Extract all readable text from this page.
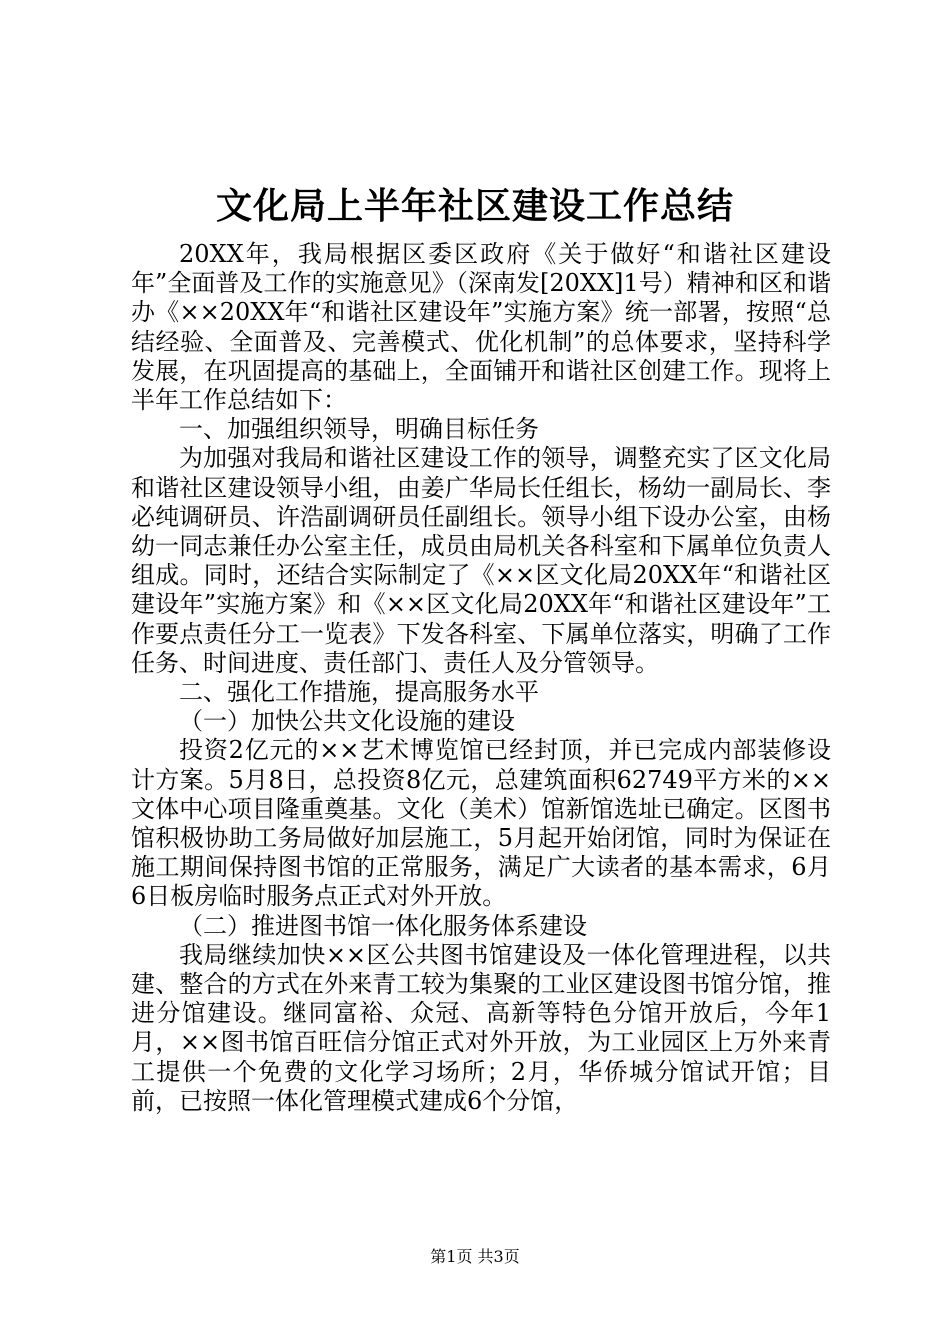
文化局上半年社区建设工作总结

20XX年，我局根据区委区政府《关于做好“和谐社区建设年”全面普及工作的实施意见》（深南发[20XX]1号）精神和区和谐办《××20XX年“和谐社区建设年”实施方案》统一部署，按照“总结经验、全面普及、完善模式、优化机制”的总体要求，坚持科学发展，在巩固提高的基础上，全面铺开和谐社区创建工作。现将上半年工作总结如下：

一、加强组织领导，明确目标任务

为加强对我局和谐社区建设工作的领导，调整充实了区文化局和谐社区建设领导小组，由姜广华局长任组长，杨幼一副局长、李必纯调研员、许浩副调研员任副组长。领导小组下设办公室，由杨幼一同志兼任办公室主任，成员由局机关各科室和下属单位负责人组成。同时，还结合实际制定了《××区文化局20XX年“和谐社区建设年”实施方案》和《××区文化局20XX年“和谐社区建设年”工作要点责任分工一览表》下发各科室、下属单位落实，明确了工作任务、时间进度、责任部门、责任人及分管领导。

二、强化工作措施，提高服务水平

（一）加快公共文化设施的建设

投资2亿元的××艺术博览馆已经封顶，并已完成内部装修设计方案。5月8日，总投资8亿元，总建筑面积62749平方米的××文体中心项目隆重奠基。文化（美术）馆新馆选址已确定。区图书馆积极协助工务局做好加层施工，5月起开始闭馆，同时为保证在施工期间保持图书馆的正常服务，满足广大读者的基本需求，6月6日板房临时服务点正式对外开放。

（二）推进图书馆一体化服务体系建设

我局继续加快××区公共图书馆建设及一体化管理进程，以共建、整合的方式在外来青工较为集聚的工业区建设图书馆分馆，推进分馆建设。继同富裕、众冠、高新等特色分馆开放后，今年1月，××图书馆百旺信分馆正式对外开放，为工业园区上万外来青工提供一个免费的文化学习场所；2月，华侨城分馆试开馆；目前，已按照一体化管理模式建成6个分馆，

第1页 共3页
